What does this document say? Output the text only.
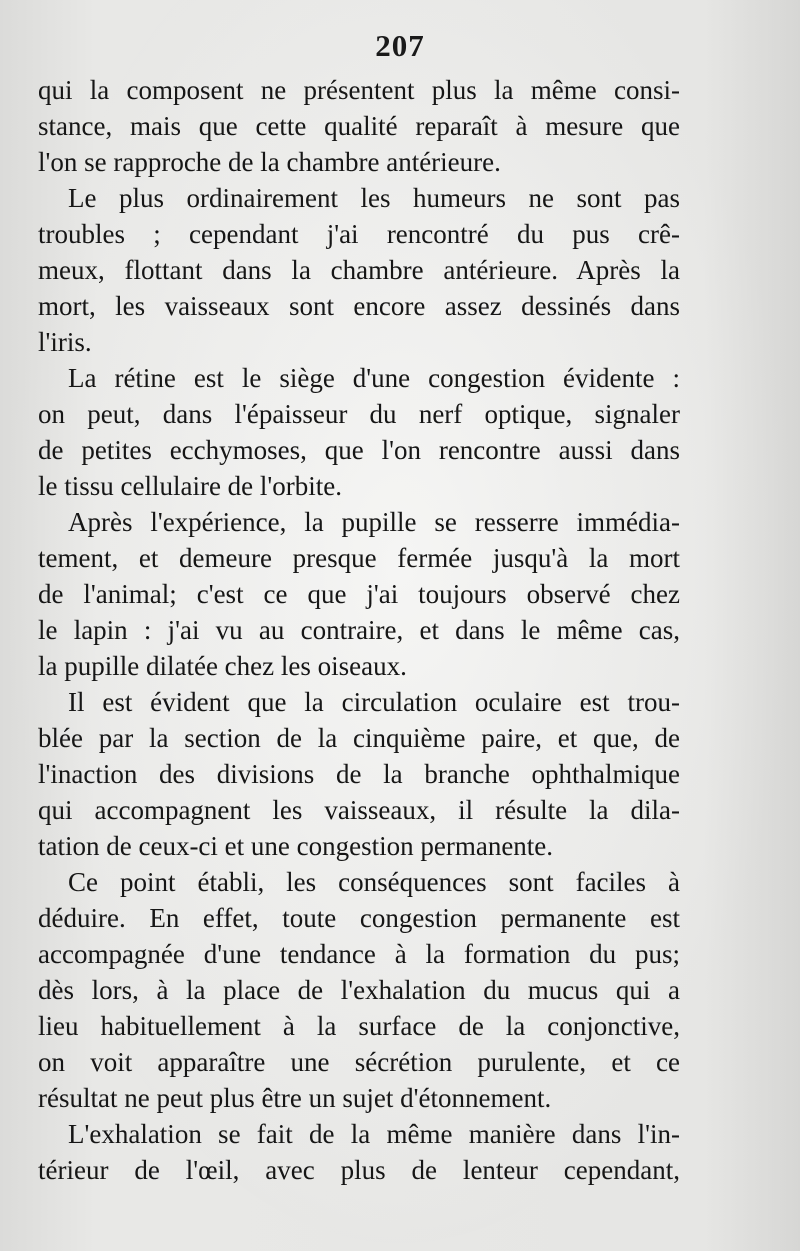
207
qui la composent ne présentent plus la même consi-
stance, mais que cette qualité reparaît à mesure que
l'on se rapproche de la chambre antérieure.
Le plus ordinairement les humeurs ne sont pas
troubles ; cependant j'ai rencontré du pus crê-
meux, flottant dans la chambre antérieure. Après la
mort, les vaisseaux sont encore assez dessinés dans
l'iris.
La rétine est le siège d'une congestion évidente :
on peut, dans l'épaisseur du nerf optique, signaler
de petites ecchymoses, que l'on rencontre aussi dans
le tissu cellulaire de l'orbite.
Après l'expérience, la pupille se resserre immédia-
tement, et demeure presque fermée jusqu'à la mort
de l'animal; c'est ce que j'ai toujours observé chez
le lapin : j'ai vu au contraire, et dans le même cas,
la pupille dilatée chez les oiseaux.
Il est évident que la circulation oculaire est trou-
blée par la section de la cinquième paire, et que, de
l'inaction des divisions de la branche ophthalmique
qui accompagnent les vaisseaux, il résulte la dila-
tation de ceux-ci et une congestion permanente.
Ce point établi, les conséquences sont faciles à
déduire. En effet, toute congestion permanente est
accompagnée d'une tendance à la formation du pus;
dès lors, à la place de l'exhalation du mucus qui a
lieu habituellement à la surface de la conjonctive,
on voit apparaître une sécrétion purulente, et ce
résultat ne peut plus être un sujet d'étonnement.
L'exhalation se fait de la même manière dans l'in-
térieur de l'œil, avec plus de lenteur cependant,
